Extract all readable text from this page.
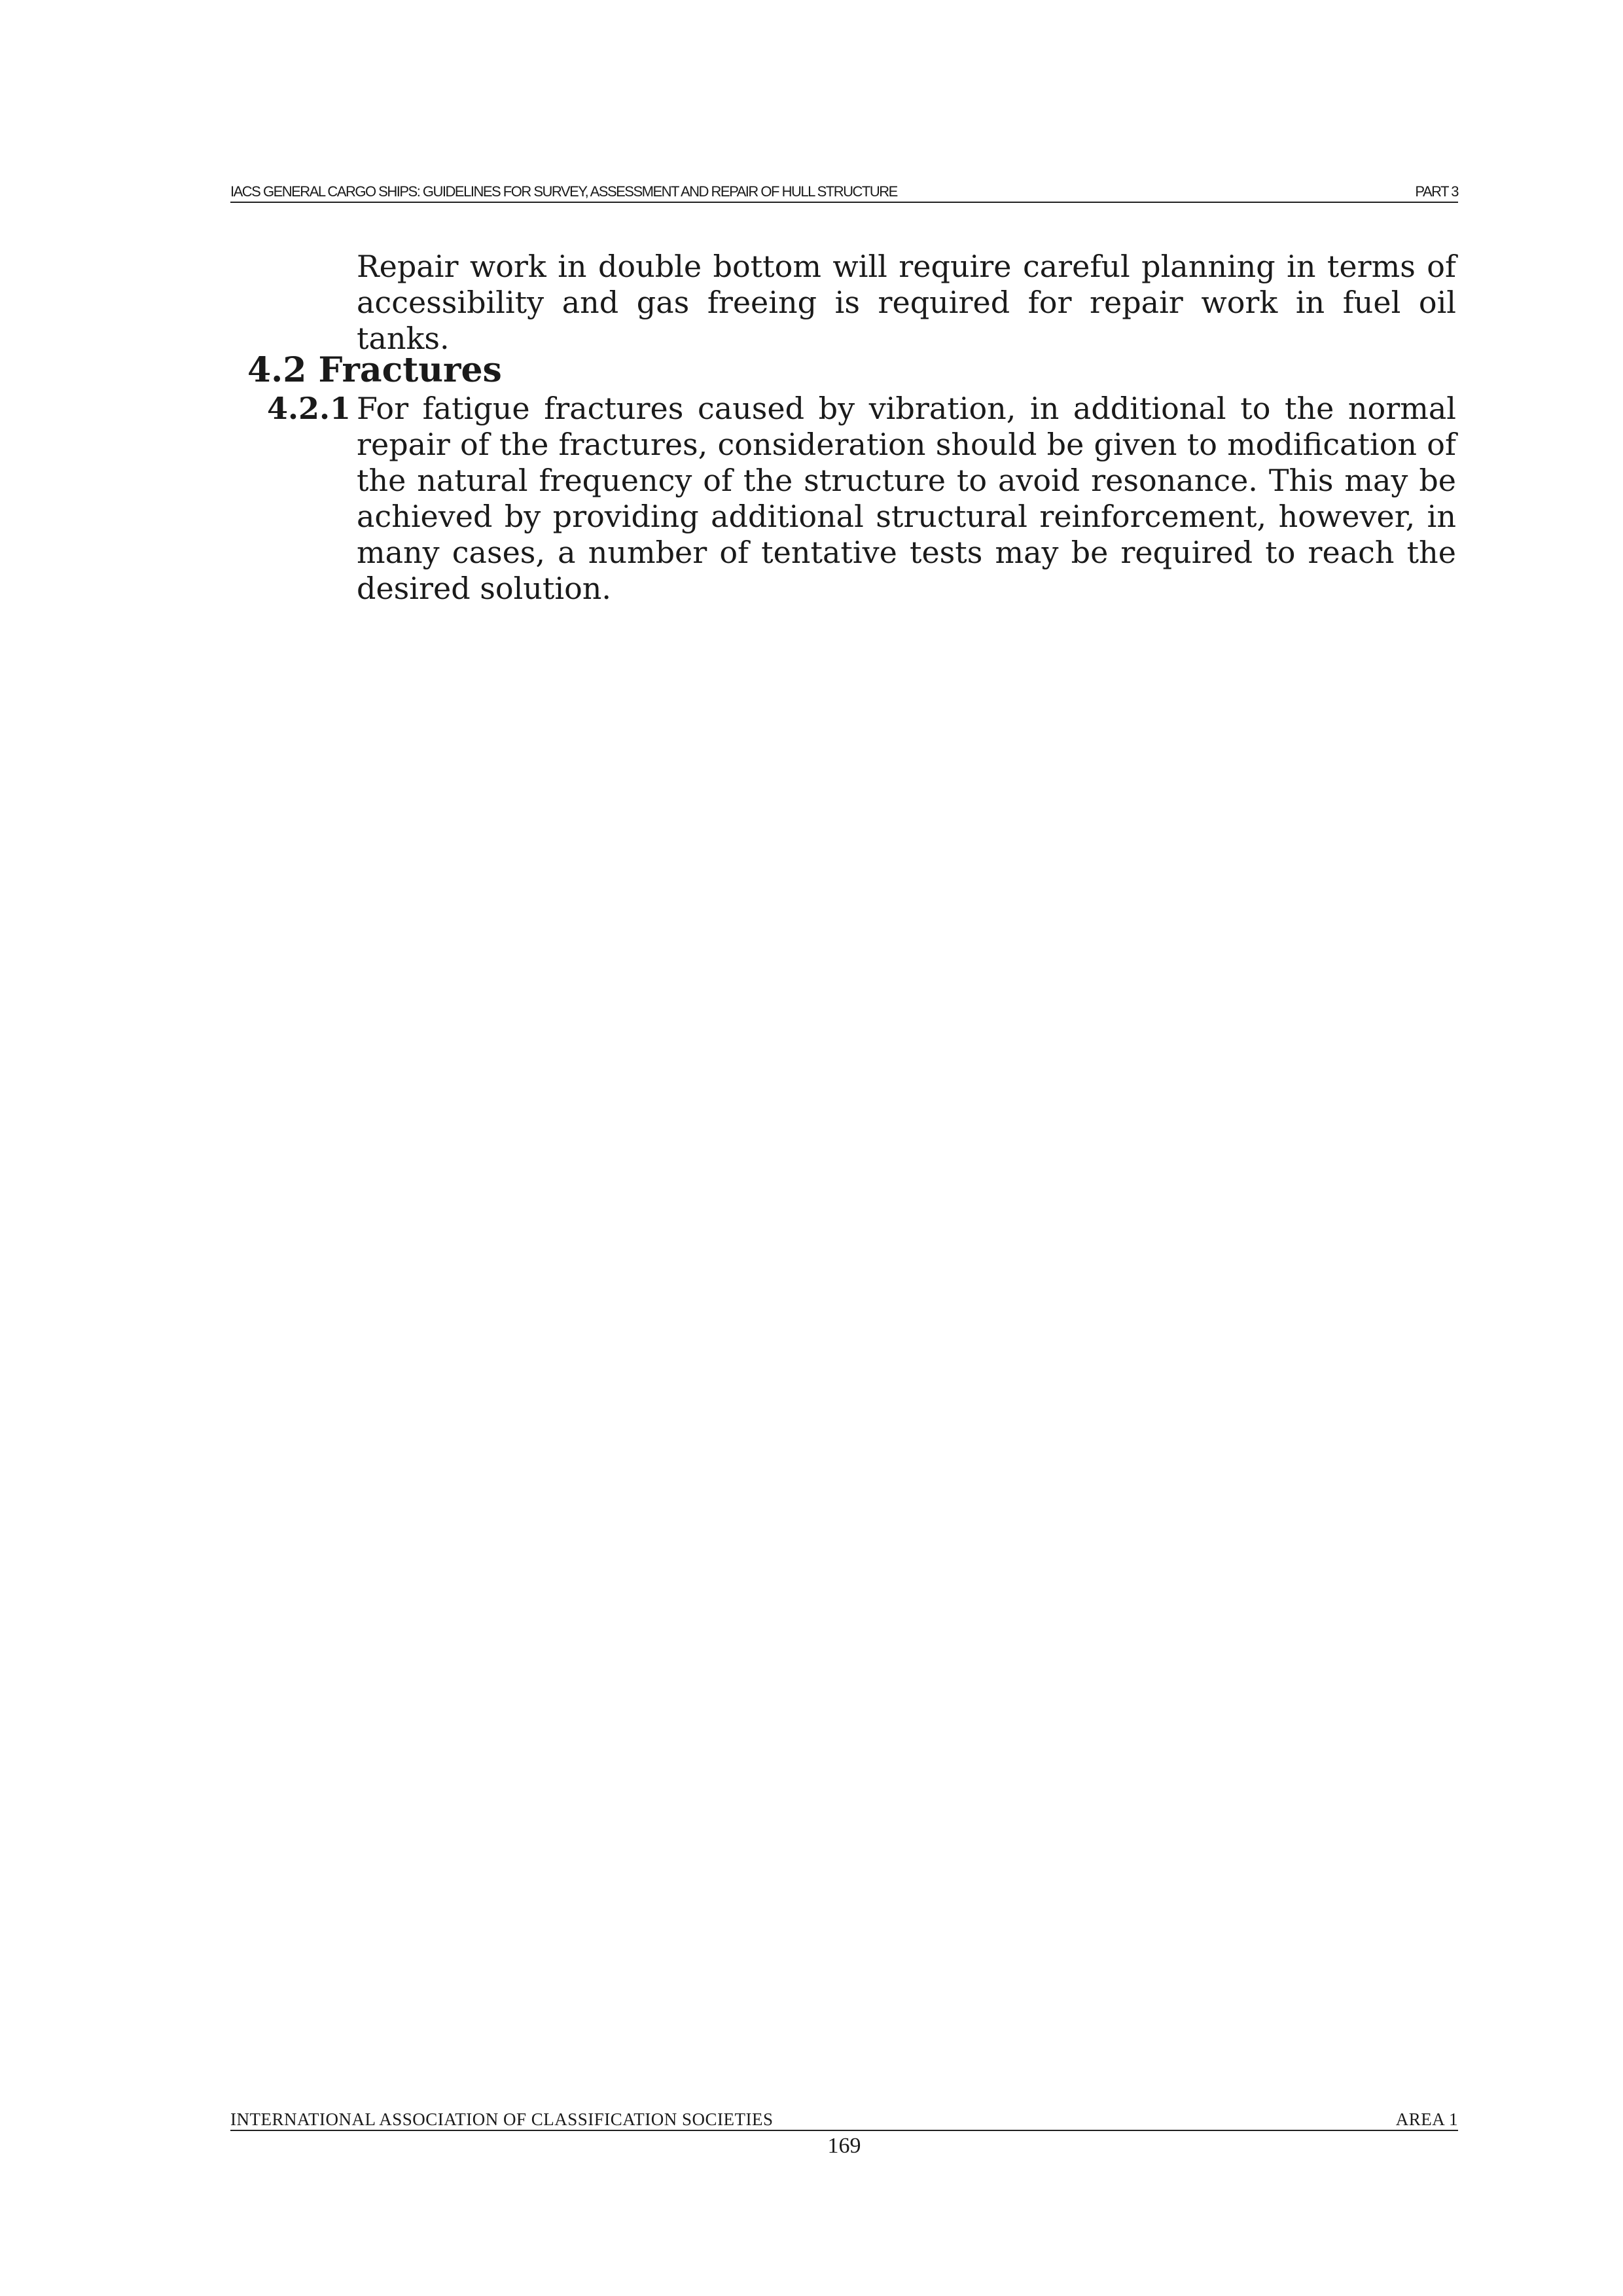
IACS GENERAL CARGO SHIPS: GUIDELINES FOR SURVEY, ASSESSMENT AND REPAIR OF HULL STRUCTURE	PART 3

Repair work in double bottom will require careful planning in terms of accessibility and gas freeing is required for repair work in fuel oil tanks.

4.2 Fractures
4.2.1 For fatigue fractures caused by vibration, in additional to the normal repair of the fractures, consideration should be given to modification of the natural frequency of the structure to avoid resonance. This may be achieved by providing additional structural reinforcement, however, in many cases, a number of tentative tests may be required to reach the desired solution.

INTERNATIONAL ASSOCIATION OF CLASSIFICATION SOCIETIES	AREA 1
169
